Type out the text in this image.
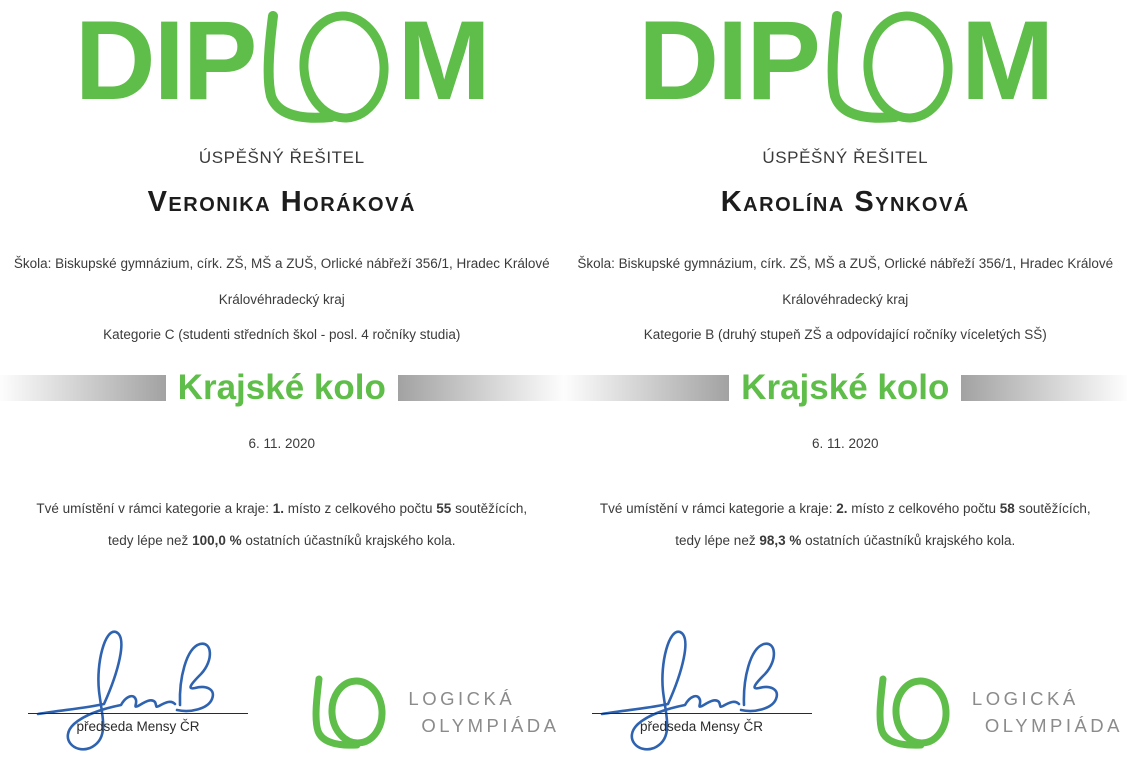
DIP M
ÚSPĚŠNÝ ŘEŠITEL
Veronika Horáková
Škola: Biskupské gymnázium, círk. ZŠ, MŠ a ZUŠ, Orlické nábřeží 356/1, Hradec Králové
Královéhradecký kraj
Kategorie C (studenti středních škol - posl. 4 ročníky studia)
Krajské kolo
6. 11. 2020
Tvé umístění v rámci kategorie a kraje: 1. místo z celkového počtu 55 soutěžících,
tedy lépe než 100,0 % ostatních účastníků krajského kola.
předseda Mensy ČR
LOGICKÁ
OLYMPIÁDA
DIP M
ÚSPĚŠNÝ ŘEŠITEL
Karolína Synková
Škola: Biskupské gymnázium, círk. ZŠ, MŠ a ZUŠ, Orlické nábřeží 356/1, Hradec Králové
Královéhradecký kraj
Kategorie B (druhý stupeň ZŠ a odpovídající ročníky víceletých SŠ)
Krajské kolo
6. 11. 2020
Tvé umístění v rámci kategorie a kraje: 2. místo z celkového počtu 58 soutěžících,
tedy lépe než 98,3 % ostatních účastníků krajského kola.
předseda Mensy ČR
LOGICKÁ
OLYMPIÁDA
